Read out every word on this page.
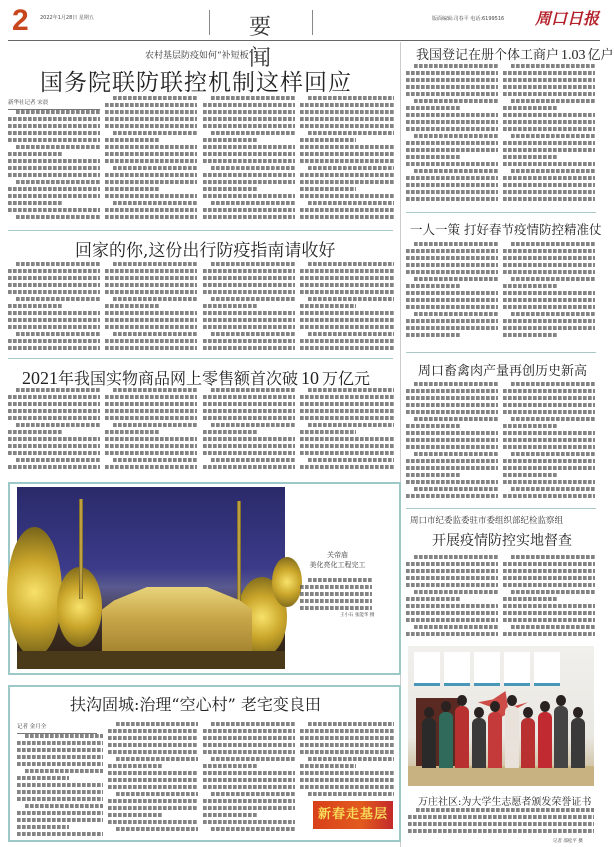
2 2022年1月28日 星期五	要闻
版面编辑:司春平 电话:6199516 周口日报
农村基层防疫如何“补短板”?
国务院联防联控机制这样回应
新华社记者 宋晨
回家的你,这份出行防疫指南请收好
2021年我国实物商品网上零售额首次破 10 万亿元
关帝庙
美化亮化工程完工
王小石 张能华 摄
扶沟固城:治理“空心村” 老宅变良田
记者 金月全
新春走基层
我国登记在册个体工商户 1.03 亿户
一人一策 打好春节疫情防控精准仗
周口畜禽肉产量再创历史新高
周口市纪委监委驻市委组织部纪检监察组
开展疫情防控实地督查
万庄社区:为大学生志愿者颁发荣誉证书
记者 邵松平 摄
